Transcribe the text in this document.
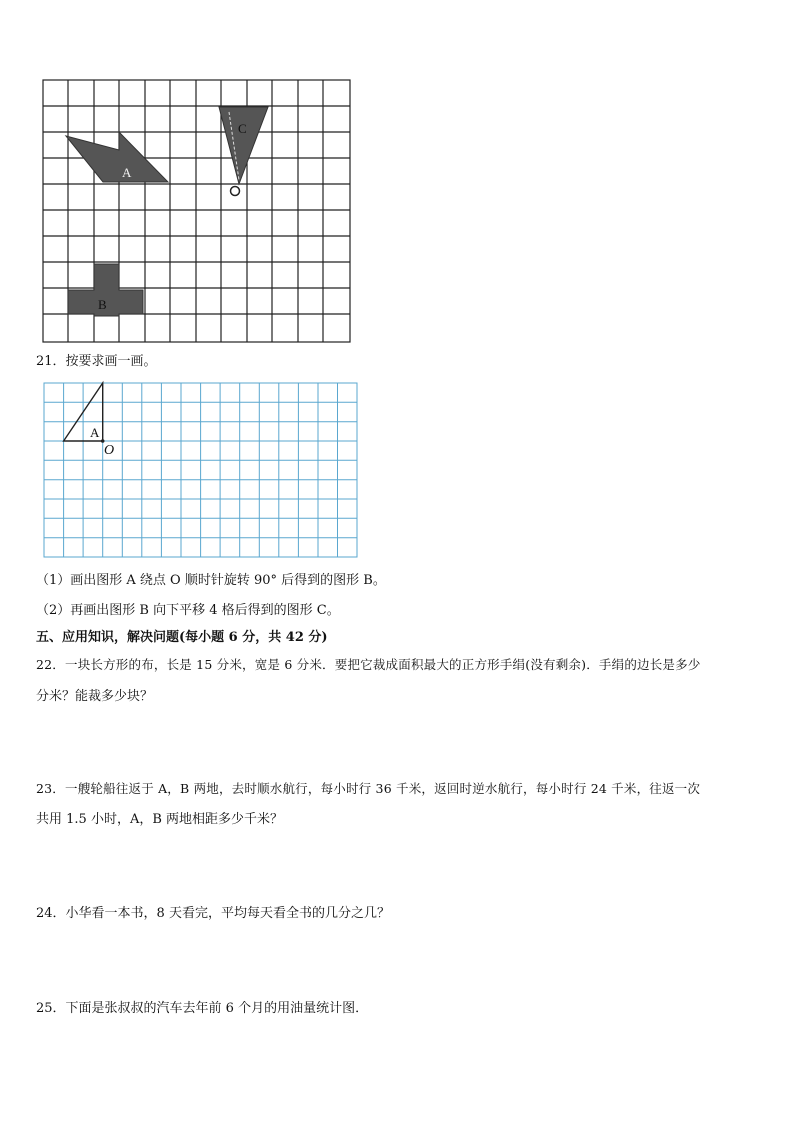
A
C
B
21．按要求画一画。
A
O
（1）画出图形 A 绕点 O 顺时针旋转 90° 后得到的图形 B。
（2）再画出图形 B 向下平移 4 格后得到的图形 C。
五、应用知识，解决问题(每小题 6 分，共 42 分)
22．一块长方形的布，长是 15 分米，宽是 6 分米．要把它裁成面积最大的正方形手绢(没有剩余)．手绢的边长是多少
分米？能裁多少块？
23．一艘轮船往返于 A，B 两地，去时顺水航行，每小时行 36 千米，返回时逆水航行，每小时行 24 千米，往返一次
共用 1.5 小时，A，B 两地相距多少千米？
24．小华看一本书，8 天看完，平均每天看全书的几分之几？
25．下面是张叔叔的汽车去年前 6 个月的用油量统计图．
